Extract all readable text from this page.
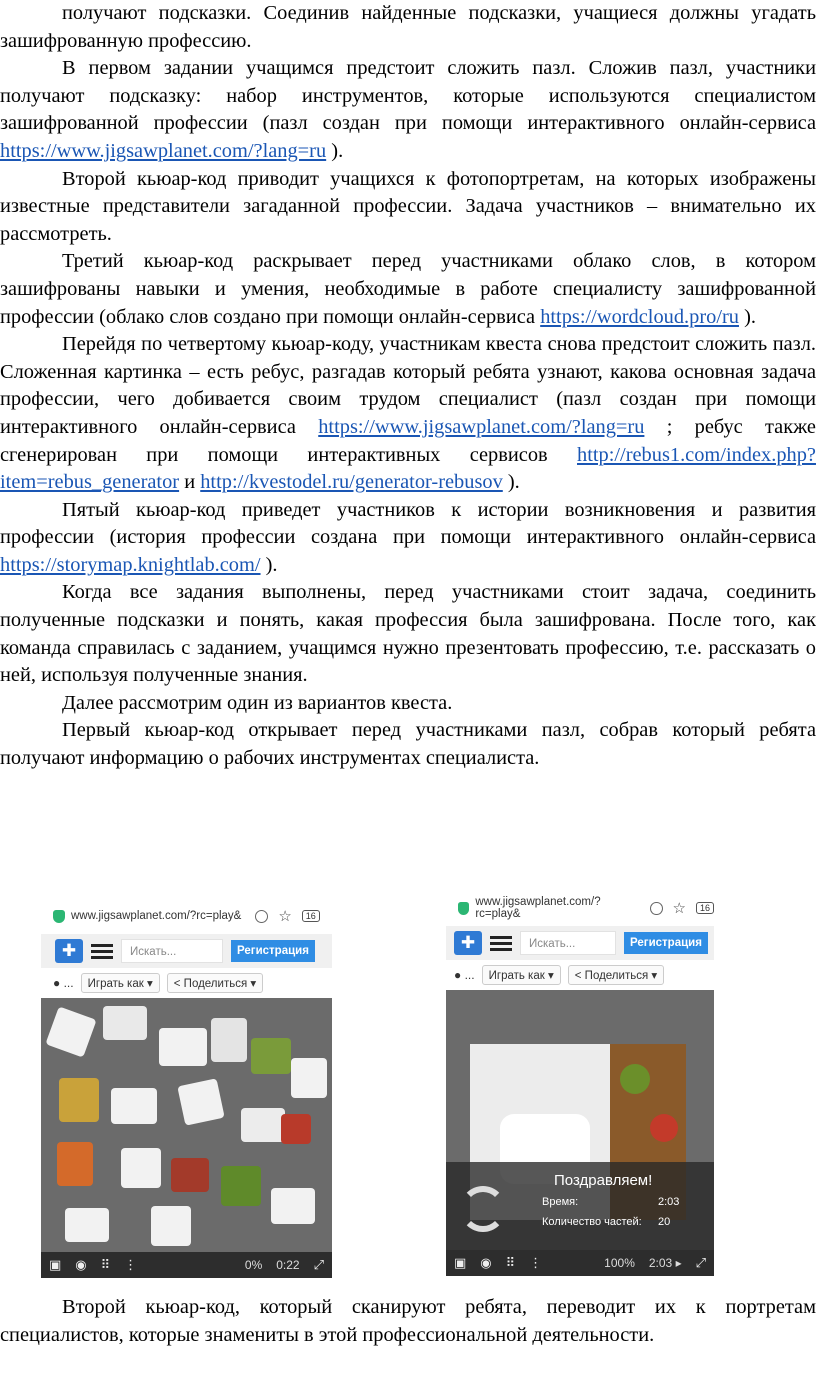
получают подсказки. Соединив найденные подсказки, учащиеся должны угадать зашифрованную профессию.

В первом задании учащимся предстоит сложить пазл. Сложив пазл, участники получают подсказку: набор инструментов, которые используются специалистом зашифрованной профессии (пазл создан при помощи интерактивного онлайн-сервиса https://www.jigsawplanet.com/?lang=ru ).

Второй кьюар-код приводит учащихся к фотопортретам, на которых изображены известные представители загаданной профессии. Задача участников – внимательно их рассмотреть.

Третий кьюар-код раскрывает перед участниками облако слов, в котором зашифрованы навыки и умения, необходимые в работе специалисту зашифрованной профессии (облако слов создано при помощи онлайн-сервиса https://wordcloud.pro/ru ).

Перейдя по четвертому кьюар-коду, участникам квеста снова предстоит сложить пазл. Сложенная картинка – есть ребус, разгадав который ребята узнают, какова основная задача профессии, чего добивается своим трудом специалист (пазл создан при помощи интерактивного онлайн-сервиса https://www.jigsawplanet.com/?lang=ru ; ребус также сгенерирован при помощи интерактивных сервисов http://rebus1.com/index.php?item=rebus_generator и http://kvestodel.ru/generator-rebusov ).

Пятый кьюар-код приведет участников к истории возникновения и развития профессии (история профессии создана при помощи интерактивного онлайн-сервиса https://storymap.knightlab.com/ ).

Когда все задания выполнены, перед участниками стоит задача, соединить полученные подсказки и понять, какая профессия была зашифрована. После того, как команда справилась с заданием, учащимся нужно презентовать профессию, т.е. рассказать о ней, используя полученные знания.

Далее рассмотрим один из вариантов квеста.

Первый кьюар-код открывает перед участниками пазл, собрав который ребята получают информацию о рабочих инструментах специалиста.

www.jigsawplanet.com/?rc=play& ☆	16
✚	Искать...	Регистрация
● ...	Играть как ▾	< Поделиться ▾
▣ ◉ ⠿ ⋮	0% 0:22 ⤢
www.jigsawplanet.com/?rc=play&	☆	16
✚	Искать...	Регистрация
● ...	Играть как ▾	< Поделиться ▾
Поздравляем!
Время:	2:03
Количество частей: 20
▣ ◉ ⠿ ⋮	100% 2:03 ▸ ⤢

Второй кьюар-код, который сканируют ребята, переводит их к портретам специалистов, которые знамениты в этой профессиональной деятельности.
